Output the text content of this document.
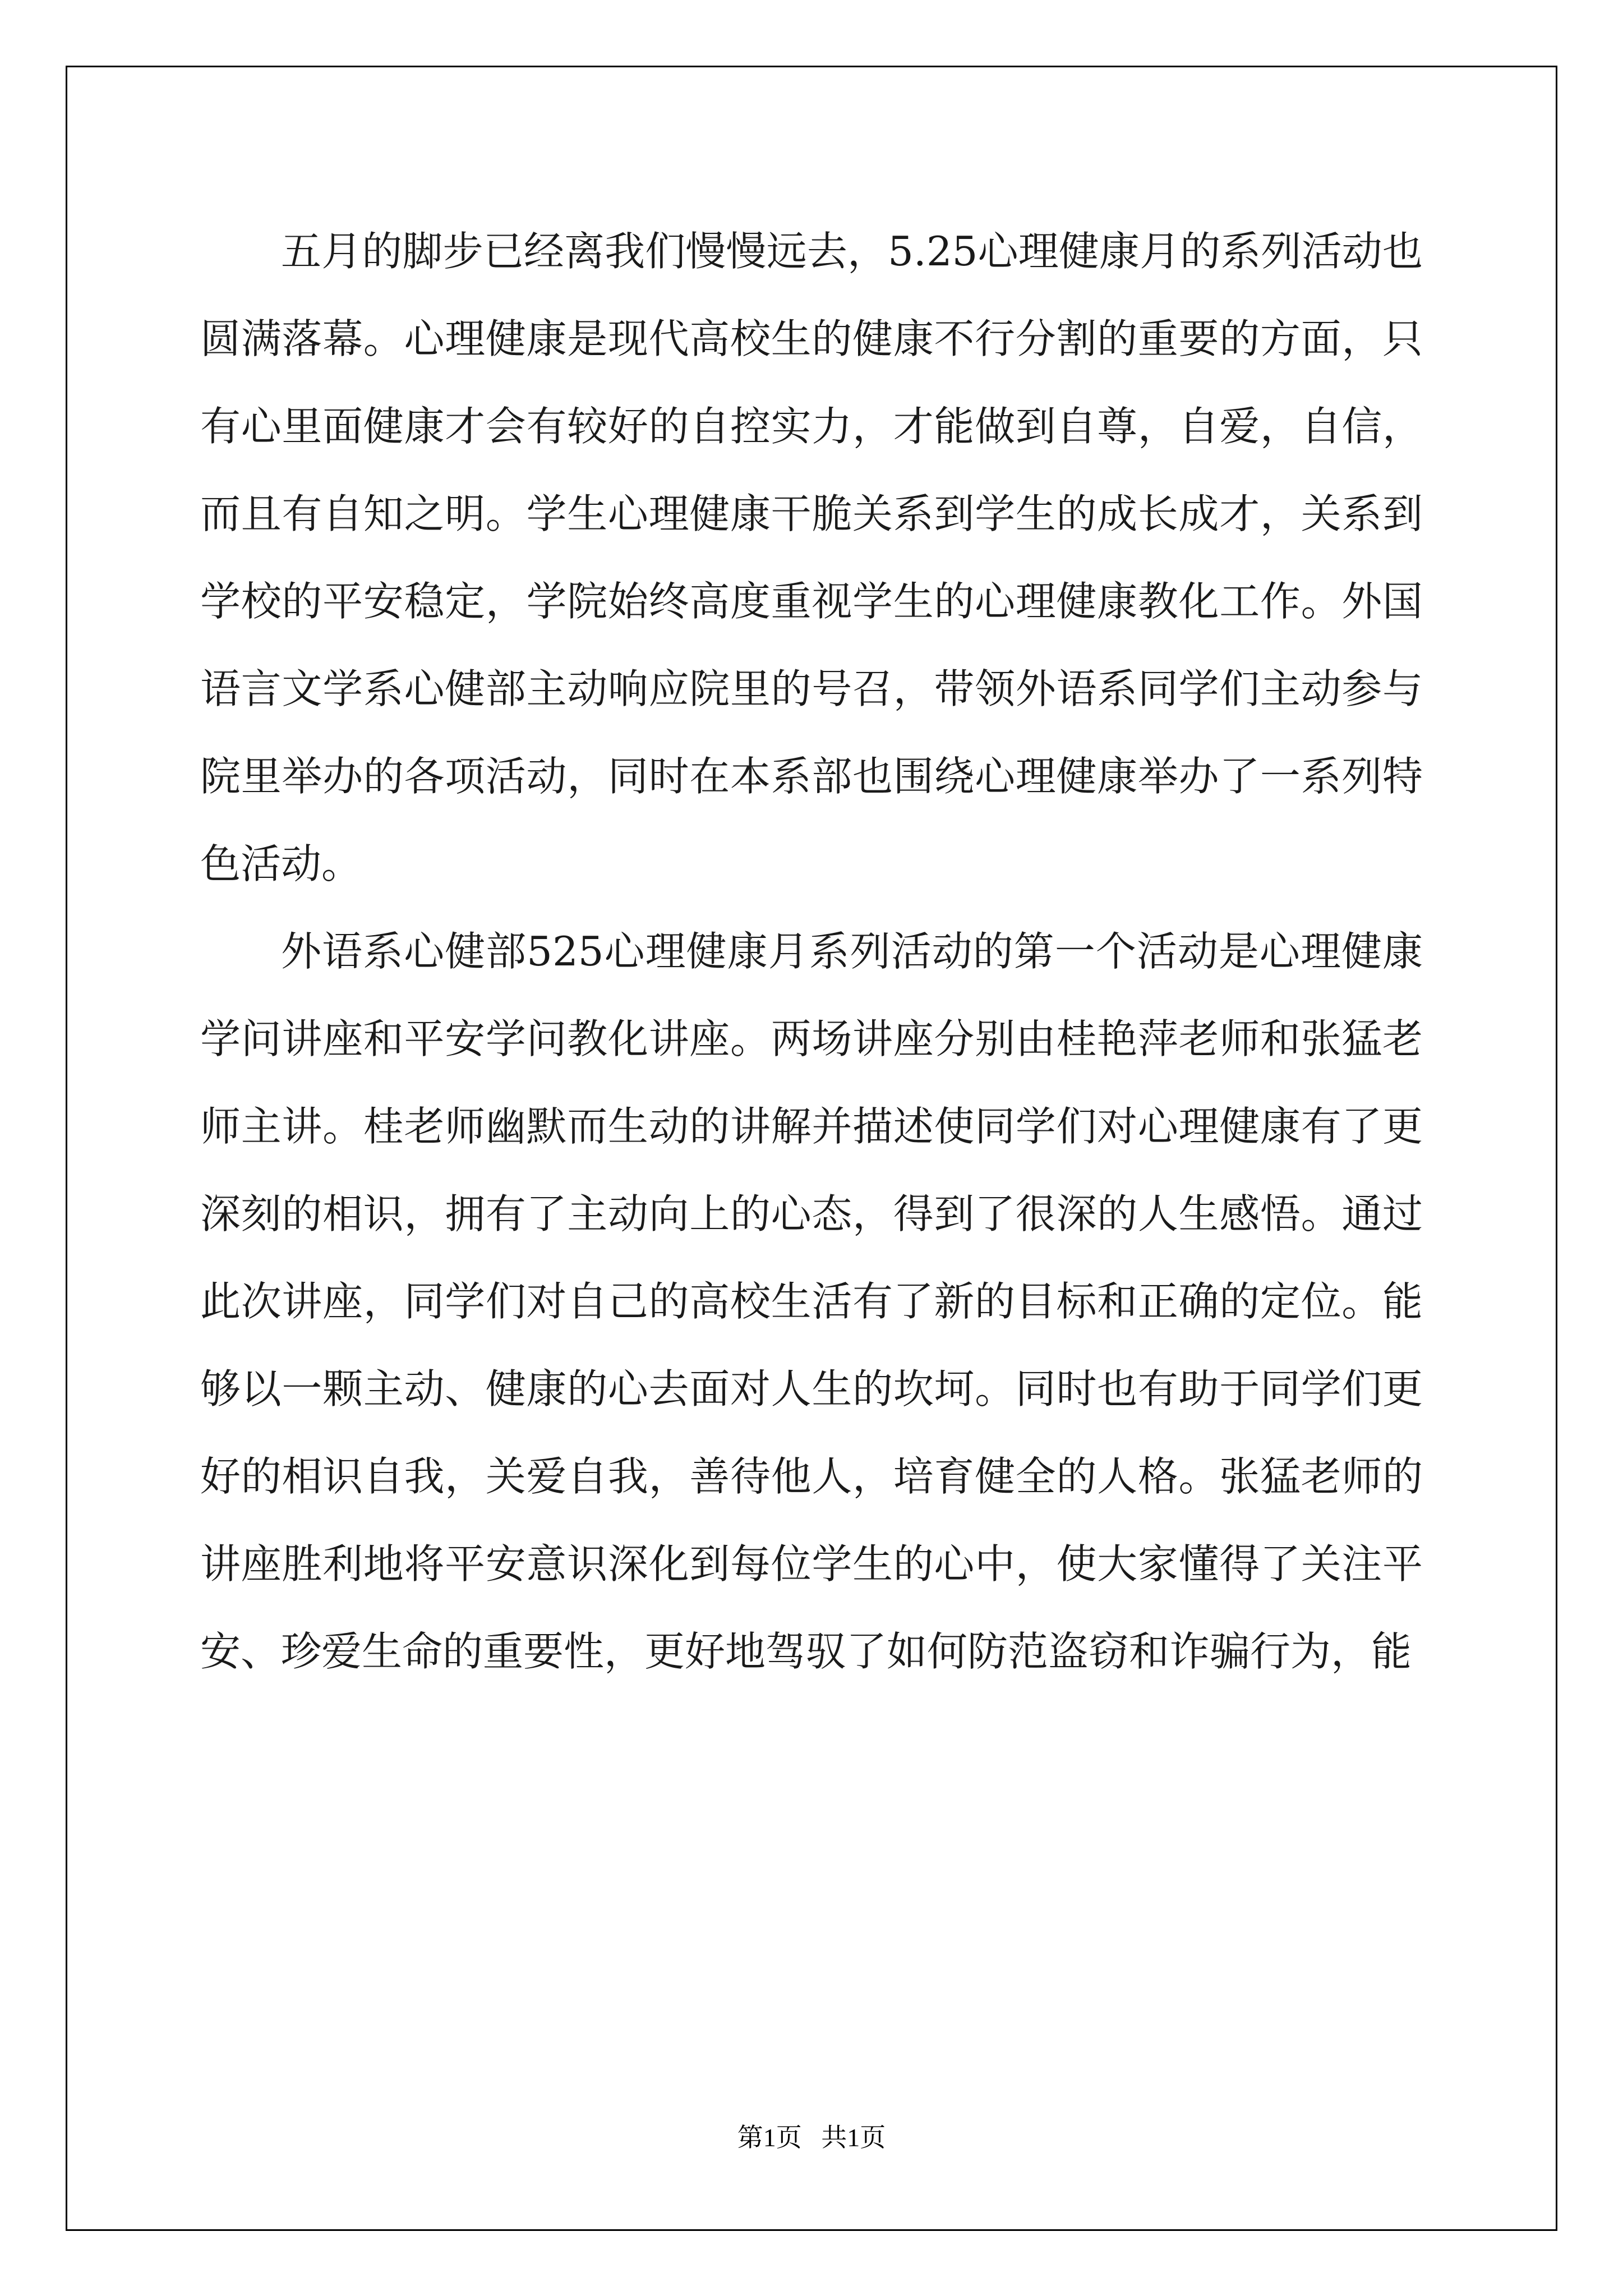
五月的脚步已经离我们慢慢远去，5.25心理健康月的系列活动也圆满落幕。心理健康是现代高校生的健康不行分割的重要的方面，只有心里面健康才会有较好的自控实力，才能做到自尊，自爱，自信，而且有自知之明。学生心理健康干脆关系到学生的成长成才，关系到学校的平安稳定，学院始终高度重视学生的心理健康教化工作。外国语言文学系心健部主动响应院里的号召，带领外语系同学们主动参与院里举办的各项活动，同时在本系部也围绕心理健康举办了一系列特色活动。

外语系心健部525心理健康月系列活动的第一个活动是心理健康学问讲座和平安学问教化讲座。两场讲座分别由桂艳萍老师和张猛老师主讲。桂老师幽默而生动的讲解并描述使同学们对心理健康有了更深刻的相识，拥有了主动向上的心态，得到了很深的人生感悟。通过此次讲座，同学们对自己的高校生活有了新的目标和正确的定位。能够以一颗主动、健康的心去面对人生的坎坷。同时也有助于同学们更好的相识自我，关爱自我，善待他人，培育健全的人格。张猛老师的讲座胜利地将平安意识深化到每位学生的心中，使大家懂得了关注平安、珍爱生命的重要性，更好地驾驭了如何防范盗窃和诈骗行为，能

第1页   共1页
